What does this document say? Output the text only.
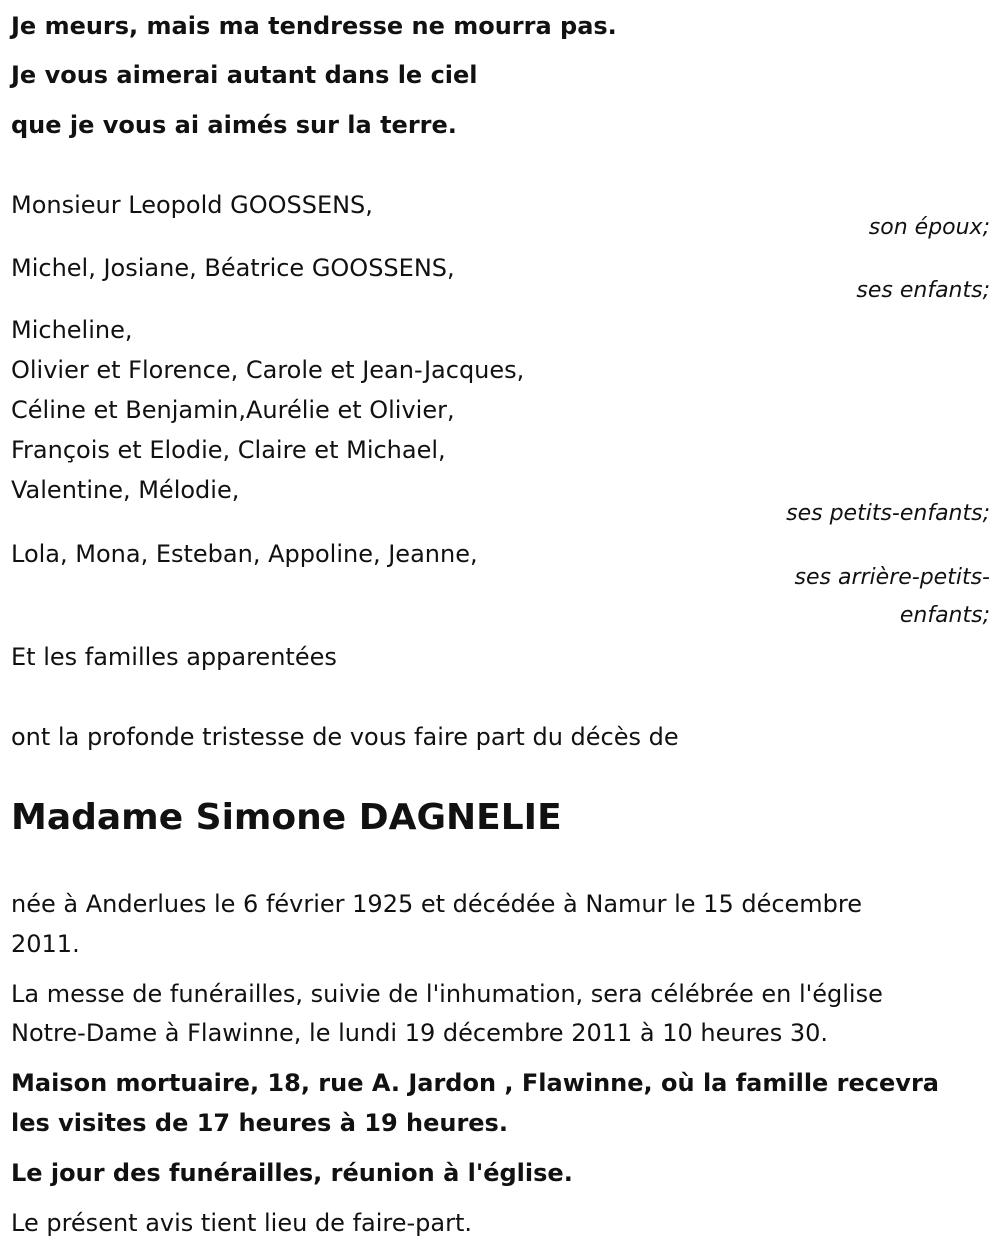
Je meurs, mais ma tendresse ne mourra pas.

Je vous aimerai autant dans le ciel

que je vous ai aimés sur la terre.

Monsieur Leopold GOOSSENS,

son époux;

Michel, Josiane, Béatrice GOOSSENS,

ses enfants;

Micheline,

Olivier et Florence, Carole et Jean-Jacques,

Céline et Benjamin,Aurélie et Olivier,

François et Elodie, Claire et Michael,

Valentine, Mélodie,

ses petits-enfants;

Lola, Mona, Esteban, Appoline, Jeanne,

ses arrière-petits-
enfants;

Et les familles apparentées

ont la profonde tristesse de vous faire part du décès de

Madame Simone DAGNELIE

née à Anderlues le 6 février 1925 et décédée à Namur le 15 décembre

2011.

La messe de funérailles, suivie de l'inhumation, sera célébrée en l'église

Notre-Dame à Flawinne, le lundi 19 décembre 2011 à 10 heures 30.

Maison mortuaire, 18, rue A. Jardon , Flawinne, où la famille recevra

les visites de 17 heures à 19 heures.

Le jour des funérailles, réunion à l'église.

Le présent avis tient lieu de faire-part.
